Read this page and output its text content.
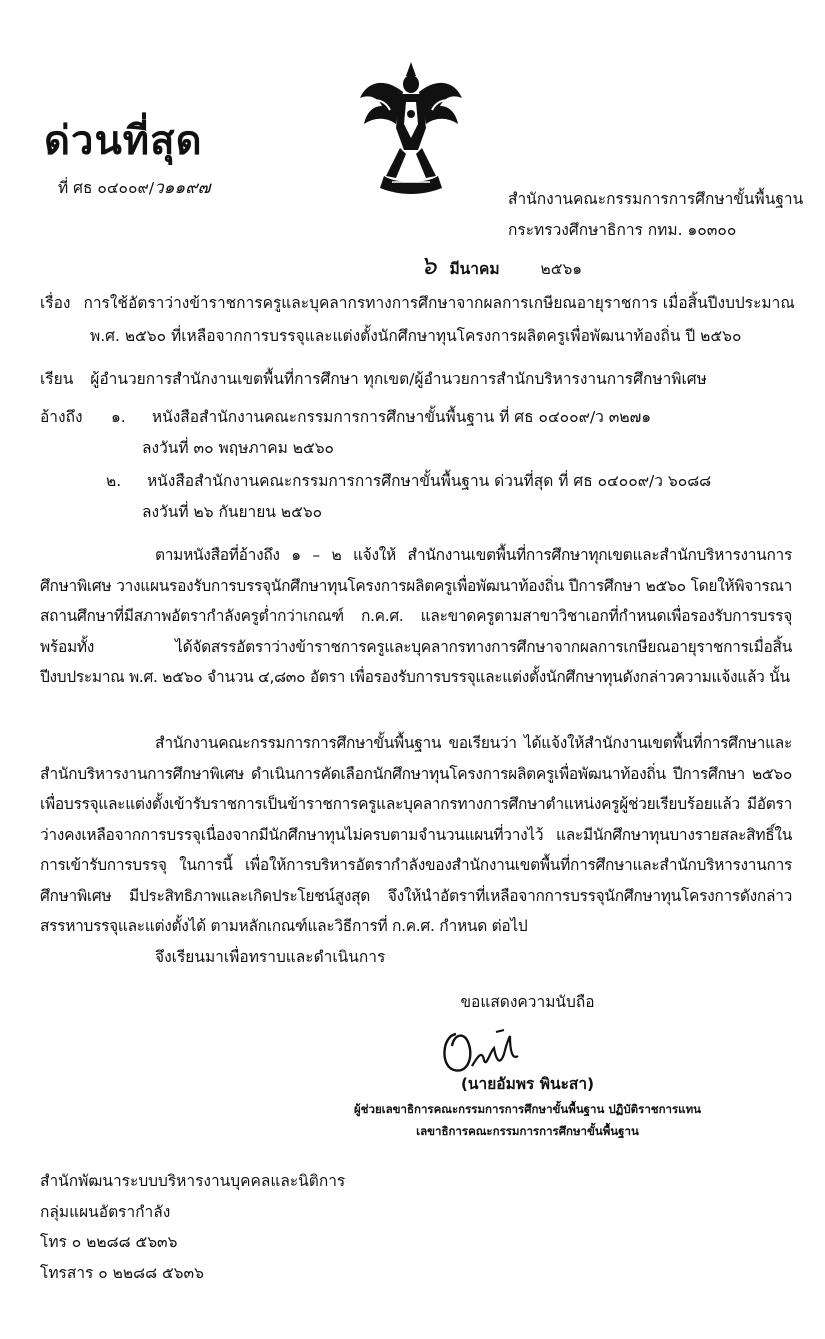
ด่วนที่สุด
ที่ ศธ ๐๔๐๐๙/ว๑๑๙๗
สำนักงานคณะกรรมการการศึกษาขั้นพื้นฐาน
กระทรวงศึกษาธิการ กทม. ๑๐๓๐๐
๖ มีนาคม	๒๕๖๑
เรื่อง การใช้อัตราว่างข้าราชการครูและบุคลากรทางการศึกษาจากผลการเกษียณอายุราชการ เมื่อสิ้นปีงบประมาณ
พ.ศ. ๒๕๖๐ ที่เหลือจากการบรรจุและแต่งตั้งนักศึกษาทุนโครงการผลิตครูเพื่อพัฒนาท้องถิ่น ปี ๒๕๖๐
เรียน ผู้อำนวยการสำนักงานเขตพื้นที่การศึกษา ทุกเขต/ผู้อำนวยการสำนักบริหารงานการศึกษาพิเศษ
อ้างถึง ๑. หนังสือสำนักงานคณะกรรมการการศึกษาขั้นพื้นฐาน ที่ ศธ ๐๔๐๐๙/ว ๓๒๗๑
ลงวันที่ ๓๐ พฤษภาคม ๒๕๖๐
๒. หนังสือสำนักงานคณะกรรมการการศึกษาขั้นพื้นฐาน ด่วนที่สุด ที่ ศธ ๐๔๐๐๙/ว ๖๐๘๘
ลงวันที่ ๒๖ กันยายน ๒๕๖๐
ตามหนังสือที่อ้างถึง ๑ – ๒ แจ้งให้ สำนักงานเขตพื้นที่การศึกษาทุกเขตและสำนักบริหารงานการศึกษาพิเศษ วางแผนรองรับการบรรจุนักศึกษาทุนโครงการผลิตครูเพื่อพัฒนาท้องถิ่น ปีการศึกษา ๒๕๖๐ โดยให้พิจารณาสถานศึกษาที่มีสภาพอัตรากำลังครูต่ำกว่าเกณฑ์ ก.ค.ศ. และขาดครูตามสาขาวิชาเอกที่กำหนดเพื่อรองรับการบรรจุ พร้อมทั้ง ได้จัดสรรอัตราว่างข้าราชการครูและบุคลากรทางการศึกษาจากผลการเกษียณอายุราชการเมื่อสิ้นปีงบประมาณ พ.ศ. ๒๕๖๐ จำนวน ๔,๘๓๐ อัตรา เพื่อรองรับการบรรจุและแต่งตั้งนักศึกษาทุนดังกล่าวความแจ้งแล้ว นั้น
สำนักงานคณะกรรมการการศึกษาขั้นพื้นฐาน ขอเรียนว่า ได้แจ้งให้สำนักงานเขตพื้นที่การศึกษาและสำนักบริหารงานการศึกษาพิเศษ ดำเนินการคัดเลือกนักศึกษาทุนโครงการผลิตครูเพื่อพัฒนาท้องถิ่น ปีการศึกษา ๒๕๖๐ เพื่อบรรจุและแต่งตั้งเข้ารับราชการเป็นข้าราชการครูและบุคลากรทางการศึกษาตำแหน่งครูผู้ช่วยเรียบร้อยแล้ว มีอัตราว่างคงเหลือจากการบรรจุเนื่องจากมีนักศึกษาทุนไม่ครบตามจำนวนแผนที่วางไว้ และมีนักศึกษาทุนบางรายสละสิทธิ์ในการเข้ารับการบรรจุ ในการนี้ เพื่อให้การบริหารอัตรากำลังของสำนักงานเขตพื้นที่การศึกษาและสำนักบริหารงานการศึกษาพิเศษ มีประสิทธิภาพและเกิดประโยชน์สูงสุด จึงให้นำอัตราที่เหลือจากการบรรจุนักศึกษาทุนโครงการดังกล่าว สรรหาบรรจุและแต่งตั้งได้ ตามหลักเกณฑ์และวิธีการที่ ก.ค.ศ. กำหนด ต่อไป
จึงเรียนมาเพื่อทราบและดำเนินการ
ขอแสดงความนับถือ
(นายอัมพร พินะสา)
ผู้ช่วยเลขาธิการคณะกรรมการการศึกษาขั้นพื้นฐาน ปฏิบัติราชการแทน
เลขาธิการคณะกรรมการการศึกษาขั้นพื้นฐาน
สำนักพัฒนาระบบบริหารงานบุคคลและนิติการ
กลุ่มแผนอัตรากำลัง
โทร ๐ ๒๒๘๘ ๕๖๓๖
โทรสาร ๐ ๒๒๘๘ ๕๖๓๖
